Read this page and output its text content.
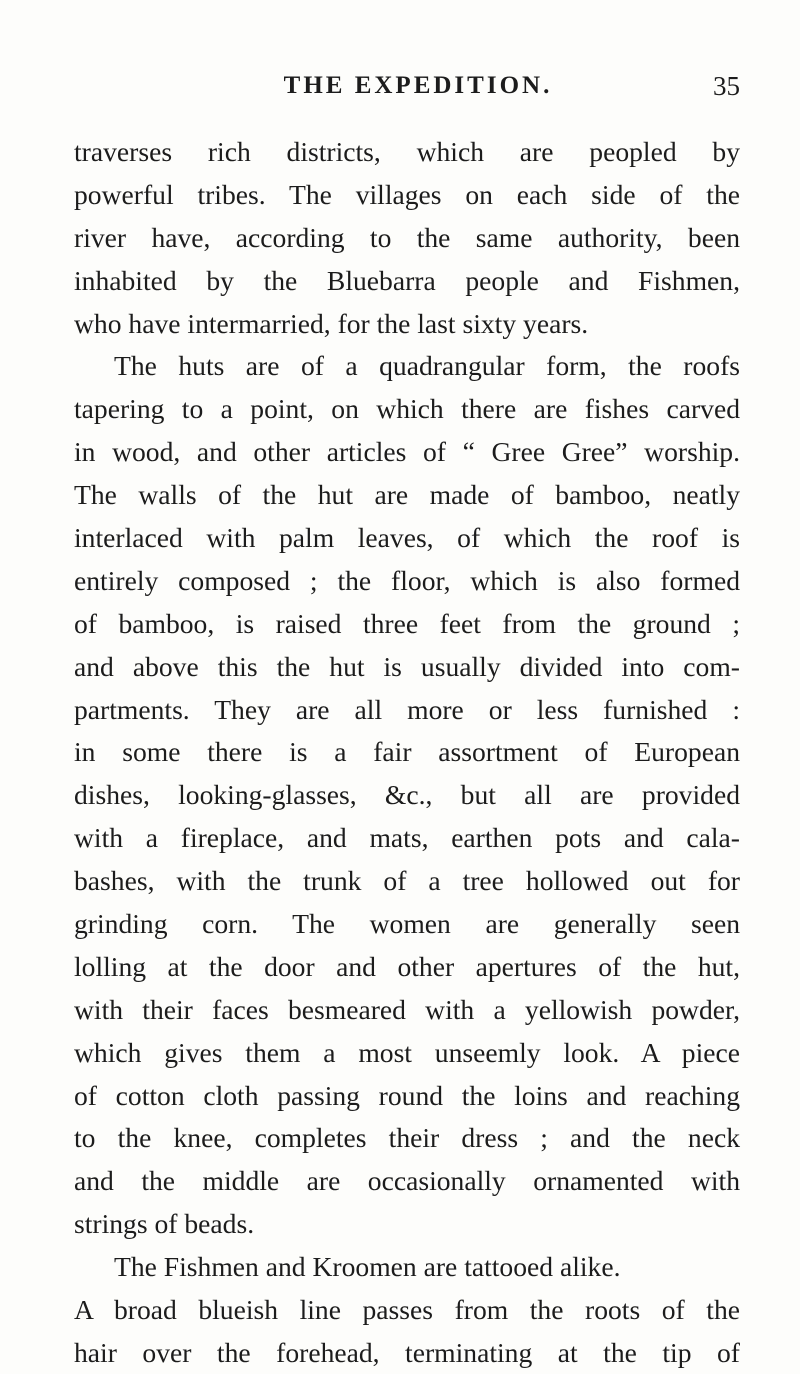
THE EXPEDITION.	35
traverses rich districts, which are peopled by
powerful tribes. The villages on each side of the
river have, according to the same authority, been
inhabited by the Bluebarra people and Fishmen,
who have intermarried, for the last sixty years.
The huts are of a quadrangular form, the roofs
tapering to a point, on which there are fishes carved
in wood, and other articles of “ Gree Gree” worship.
The walls of the hut are made of bamboo, neatly
interlaced with palm leaves, of which the roof is
entirely composed ; the floor, which is also formed
of bamboo, is raised three feet from the ground ;
and above this the hut is usually divided into com-
partments. They are all more or less furnished :
in some there is a fair assortment of European
dishes, looking-glasses, &c., but all are provided
with a fireplace, and mats, earthen pots and cala-
bashes, with the trunk of a tree hollowed out for
grinding corn. The women are generally seen
lolling at the door and other apertures of the hut,
with their faces besmeared with a yellowish powder,
which gives them a most unseemly look. A piece
of cotton cloth passing round the loins and reaching
to the knee, completes their dress ; and the neck
and the middle are occasionally ornamented with
strings of beads.
The Fishmen and Kroomen are tattooed alike.
A broad blueish line passes from the roots of the
hair over the forehead, terminating at the tip of
